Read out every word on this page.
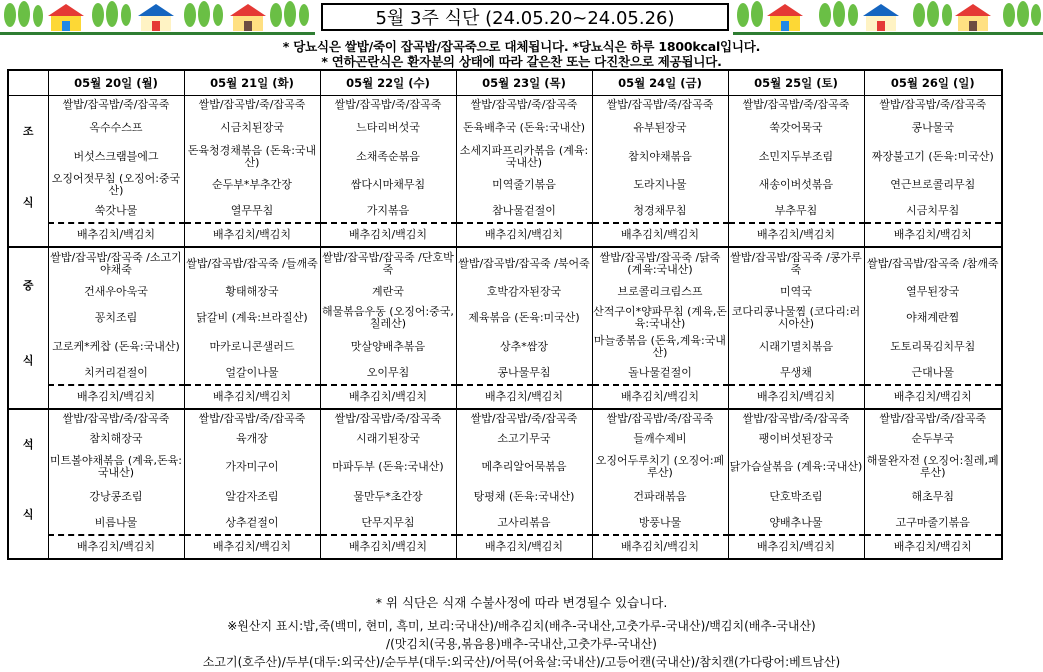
5월 3주 식단 (24.05.20~24.05.26)
* 당뇨식은 쌀밥/죽이 잡곡밥/잡곡죽으로 대체됩니다. *당뇨식은 하루 1800kcal입니다.
* 연하곤란식은 환자분의 상태에 따라 갈은찬 또는 다진찬으로 제공됩니다.
	05월 20일 (월)	05월 21일 (화)	05월 22일 (수)	05월 23일 (목)	05월 24일 (금)	05월 25일 (토)	05월 26일 (일)

조
식	쌀밥/잡곡밥/죽/잡곡죽	쌀밥/잡곡밥/죽/잡곡죽	쌀밥/잡곡밥/죽/잡곡죽	쌀밥/잡곡밥/죽/잡곡죽	쌀밥/잡곡밥/죽/잡곡죽	쌀밥/잡곡밥/죽/잡곡죽	쌀밥/잡곡밥/죽/잡곡죽
	옥수수스프	시금치된장국	느타리버섯국	돈육배추국 (돈육:국내산)	유부된장국	쑥갓어묵국	콩나물국
	버섯스크램블에그	돈육청경채볶음 (돈육:국내산)	소채족순볶음	소세지파프리카볶음 (계육:국내산)	참치야채볶음	소민지두부조림	짜장불고기 (돈육:미국산)
	오징어젓무침 (오징어:중국산)	순두부*부추간장	쌈다시마채무침	미역줄기볶음	도라지나물	새송이버섯볶음	연근브로콜리무침
	쑥갓나물	열무무침	가지볶음	참나물겉절이	청경채무침	부추무침	시금치무침
	배추김치/백김치	배추김치/백김치	배추김치/백김치	배추김치/백김치	배추김치/백김치	배추김치/백김치	배추김치/백김치

중
식	쌀밥/잡곡밥/잡곡죽 /소고기야채죽	쌀밥/잡곡밥/잡곡죽 /들깨죽	쌀밥/잡곡밥/잡곡죽 /단호박죽	쌀밥/잡곡밥/잡곡죽 /북어죽	쌀밥/잡곡밥/잡곡죽 /닭죽(계육:국내산)	쌀밥/잡곡밥/잡곡죽 /콩가루죽	쌀밥/잡곡밥/잡곡죽 /참깨죽
	건새우아욱국	황태해장국	계란국	호박감자된장국	브로콜리크림스프	미역국	열무된장국
	꽁치조림	닭갈비 (계육:브라질산)	해물볶음우동 (오징어:중국,칠레산)	제육볶음 (돈육:미국산)	산적구이*양파무침 (계육,돈육:국내산)	코다리콩나물찜 (코다리:러시아산)	야채계란찜
	고로케*케찹 (돈육:국내산)	마카로니콘샐러드	맛살양배추볶음	상추*쌈장	마늘종볶음 (돈육,계육:국내산)	시래기멸치볶음	도토리묵김치무침
	치커리겉절이	얼갈이나물	오이무침	콩나물무침	돌나물겉절이	무생채	근대나물
	배추김치/백김치	배추김치/백김치	배추김치/백김치	배추김치/백김치	배추김치/백김치	배추김치/백김치	배추김치/백김치

석
식	쌀밥/잡곡밥/죽/잡곡죽	쌀밥/잡곡밥/죽/잡곡죽	쌀밥/잡곡밥/죽/잡곡죽	쌀밥/잡곡밥/죽/잡곡죽	쌀밥/잡곡밥/죽/잡곡죽	쌀밥/잡곡밥/죽/잡곡죽	쌀밥/잡곡밥/죽/잡곡죽
	참치해장국	육개장	시래기된장국	소고기무국	들깨수제비	팽이버섯된장국	순두부국
	미트볼야채볶음 (계육,돈육:국내산)	가자미구이	마파두부 (돈육:국내산)	메추리알어묵볶음	오징어두루치기 (오징어:페루산)	닭가슴살볶음 (계육:국내산)	해물완자전 (오징어:칠레,페루산)
	강낭콩조림	알감자조림	물만두*초간장	탕평채 (돈육:국내산)	건파래볶음	단호박조림	해초무침
	비름나물	상추겉절이	단무지무침	고사리볶음	방풍나물	양배추나물	고구마줄기볶음
	배추김치/백김치	배추김치/백김치	배추김치/백김치	배추김치/백김치	배추김치/백김치	배추김치/백김치	배추김치/백김치
* 위 식단은 식재 수불사정에 따라 변경될수 있습니다.
※원산지 표시:밥,죽(백미, 현미, 흑미, 보리:국내산)/배추김치(배추-국내산,고춧가루-국내산)/백김치(배추-국내산)
/(맛김치(국용,볶음용)배추-국내산,고춧가루-국내산)
소고기(호주산)/두부(대두:외국산)/순두부(대두:외국산)/어묵(어육살:국내산)/고등어캔(국내산)/참치캔(가다랑어:베트남산)
